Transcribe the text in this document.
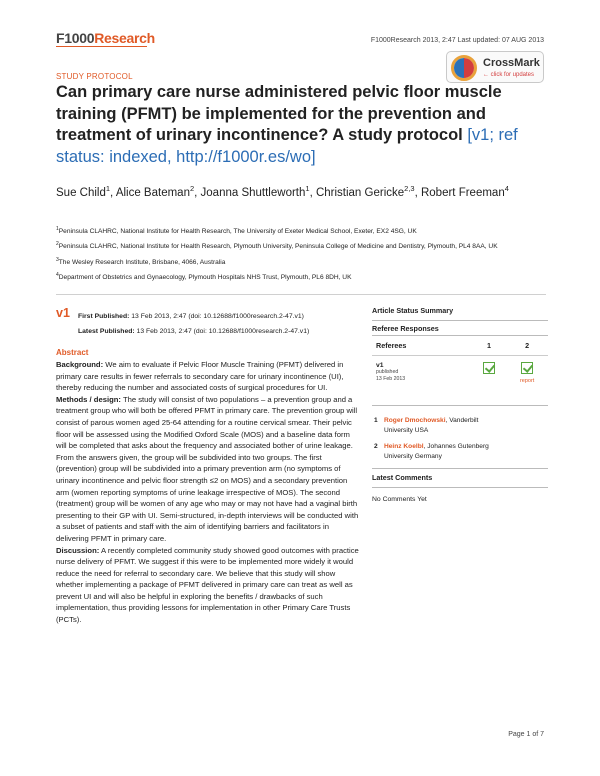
F1000Research	F1000Research 2013, 2:47 Last updated: 07 AUG 2013
STUDY PROTOCOL
CrossMark
← click for updates
Can primary care nurse administered pelvic floor muscle training (PFMT) be implemented for the prevention and treatment of urinary incontinence? A study protocol [v1; ref status: indexed, http://f1000r.es/wo]
Sue Child$^1$, Alice Bateman$^2$, Joanna Shuttleworth$^1$, Christian Gericke$^{2,3}$, Robert Freeman$^4$
$^1$Peninsula CLAHRC, National Institute for Health Research, The University of Exeter Medical School, Exeter, EX2 4SG, UK
$^2$Peninsula CLAHRC, National Institute for Health Research, Plymouth University, Peninsula College of Medicine and Dentistry, Plymouth, PL4 8AA, UK
$^3$The Wesley Research Institute, Brisbane, 4066, Australia
$^4$Department of Obstetrics and Gynaecology, Plymouth Hospitals NHS Trust, Plymouth, PL6 8DH, UK
v1 First Published: 13 Feb 2013, 2:47 (doi: 10.12688/f1000research.2-47.v1)
Latest Published: 13 Feb 2013, 2:47 (doi: 10.12688/f1000research.2-47.v1)
Abstract

Background: We aim to evaluate if Pelvic Floor Muscle Training (PFMT) delivered in primary care results in fewer referrals to secondary care for urinary incontinence (UI), thereby reducing the number and associated costs of surgical procedures for UI.

Methods / design: The study will consist of two populations – a prevention group and a treatment group who will both be offered PFMT in primary care. The prevention group will consist of parous women aged 25-64 attending for a routine cervical smear. Their pelvic floor will be assessed using the Modified Oxford Scale (MOS) and a baseline data form will be completed that asks about the frequency and associated bother of urine leakage. From the answers given, the group will be subdivided into two groups. The first (prevention) group will be subdivided into a primary prevention arm (no symptoms of urinary incontinence and pelvic floor strength ≤2 on MOS) and a secondary prevention arm (women reporting symptoms of urine leakage irrespective of MOS). The second (treatment) group will be women of any age who may or may not have had a vaginal birth presenting to their GP with UI. Semi-structured, in-depth interviews will be conducted with a subset of patients and staff with the aim of identifying barriers and facilitators in delivering PFMT in primary care.

Discussion: A recently completed community study showed good outcomes with practice nurse delivery of PFMT. We suggest if this were to be implemented more widely it would reduce the need for referral to secondary care. We believe that this study will show whether implementing a package of PFMT delivered in primary care can treat as well as prevent UI and will also be helpful in exploring the benefits / drawbacks of such implementation, thus providing lessons for implementation in other Primary Care Trusts (PCTs).

Article Status Summary
Referee Responses
Referees	1	2
v1
published
13 Feb 2013		report
1 Roger Dmochowski, Vanderbilt
University USA
2 Heinz Koelbl, Johannes Gutenberg
University Germany
Latest Comments
No Comments Yet
Page 1 of 7
